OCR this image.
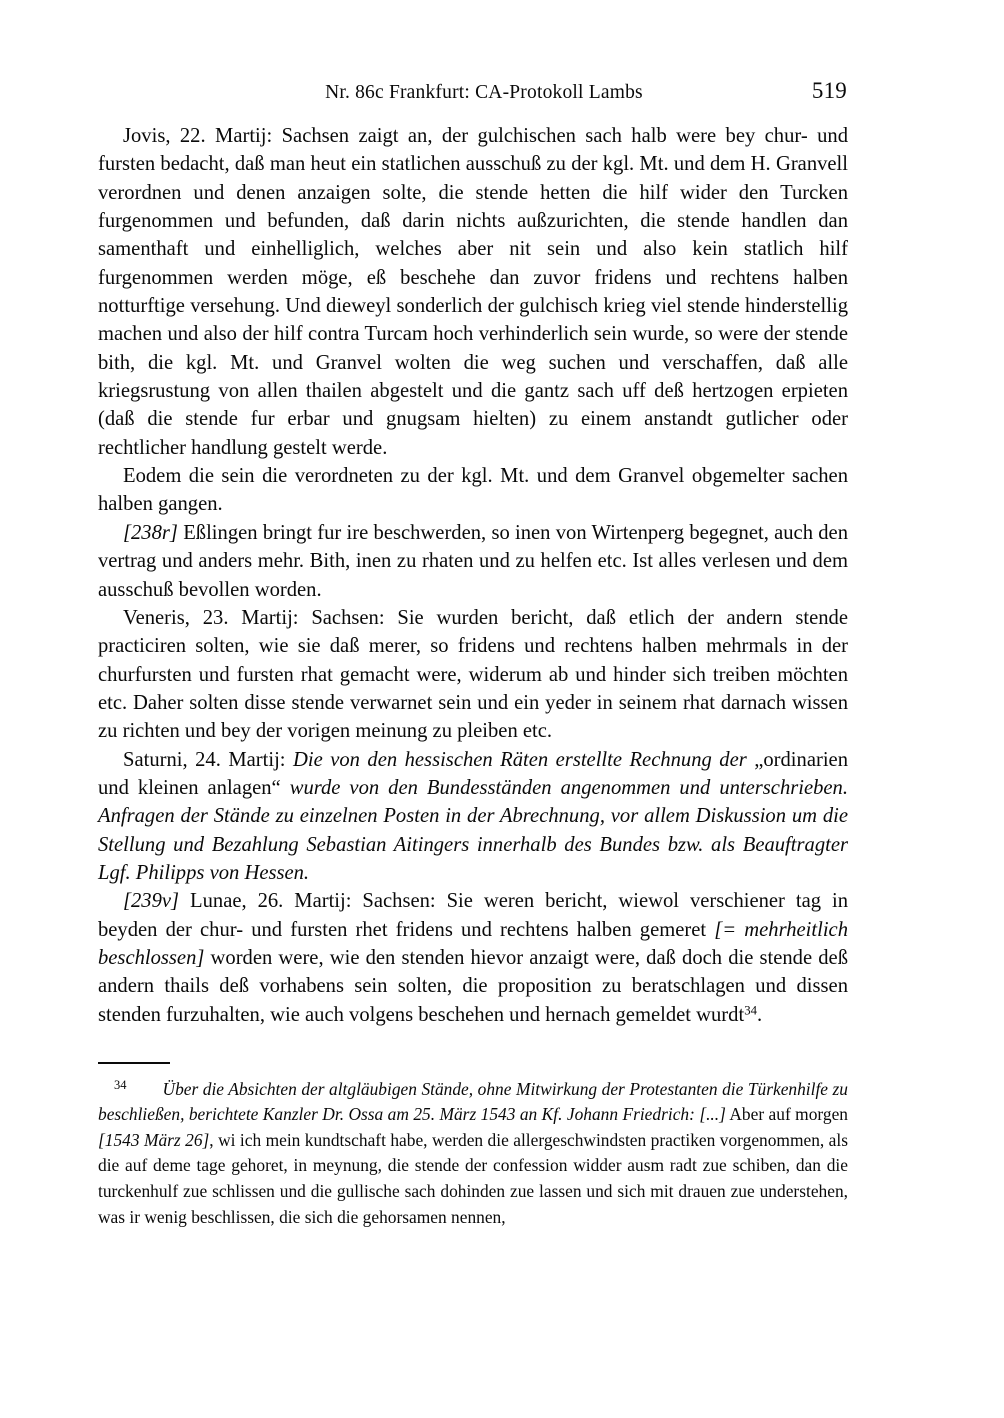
Nr. 86c Frankfurt: CA-Protokoll Lambs	519

Jovis, 22. Martij: Sachsen zaigt an, der gulchischen sach halb were bey chur- und fursten bedacht, daß man heut ein statlichen ausschuß zu der kgl. Mt. und dem H. Granvell verordnen und denen anzaigen solte, die stende hetten die hilf wider den Turcken furgenommen und befunden, daß darin nichts außzurichten, die stende handlen dan samenthaft und einhelliglich, welches aber nit sein und also kein statlich hilf furgenommen werden möge, eß beschehe dan zuvor fridens und rechtens halben notturftige versehung. Und dieweyl sonderlich der gulchisch krieg viel stende hinderstellig machen und also der hilf contra Turcam hoch verhinderlich sein wurde, so were der stende bith, die kgl. Mt. und Granvel wolten die weg suchen und verschaffen, daß alle kriegsrustung von allen thailen abgestelt und die gantz sach uff deß hertzogen erpieten (daß die stende fur erbar und gnugsam hielten) zu einem anstandt gutlicher oder rechtlicher handlung gestelt werde.

Eodem die sein die verordneten zu der kgl. Mt. und dem Granvel obgemelter sachen halben gangen.

[238r] Eßlingen bringt fur ire beschwerden, so inen von Wirtenperg begegnet, auch den vertrag und anders mehr. Bith, inen zu rhaten und zu helfen etc. Ist alles verlesen und dem ausschuß bevollen worden.

Veneris, 23. Martij: Sachsen: Sie wurden bericht, daß etlich der andern stende practiciren solten, wie sie daß merer, so fridens und rechtens halben mehrmals in der churfursten und fursten rhat gemacht were, widerum ab und hinder sich treiben möchten etc. Daher solten disse stende verwarnet sein und ein yeder in seinem rhat darnach wissen zu richten und bey der vorigen meinung zu pleiben etc.

Saturni, 24. Martij: Die von den hessischen Räten erstellte Rechnung der „ordinarien und kleinen anlagen“ wurde von den Bundesständen angenommen und unterschrieben. Anfragen der Stände zu einzelnen Posten in der Abrechnung, vor allem Diskussion um die Stellung und Bezahlung Sebastian Aitingers innerhalb des Bundes bzw. als Beauftragter Lgf. Philipps von Hessen.

[239v] Lunae, 26. Martij: Sachsen: Sie weren bericht, wiewol verschiener tag in beyden der chur- und fursten rhet fridens und rechtens halben gemeret [= mehrheitlich beschlossen] worden were, wie den stenden hievor anzaigt were, daß doch die stende deß andern thails deß vorhabens sein solten, die proposition zu beratschlagen und dissen stenden furzuhalten, wie auch volgens beschehen und hernach gemeldet wurdt$^{34}$.

$^{34}$ Über die Absichten der altgläubigen Stände, ohne Mitwirkung der Protestanten die Türkenhilfe zu beschließen, berichtete Kanzler Dr. Ossa am 25. März 1543 an Kf. Johann Friedrich: [...] Aber auf morgen [1543 März 26], wi ich mein kundtschaft habe, werden die allergeschwindsten practiken vorgenommen, als die auf deme tage gehoret, in meynung, die stende der confession widder ausm radt zue schiben, dan die turckenhulf zue schlissen und die gullische sach dohinden zue lassen und sich mit drauen zue understehen, was ir wenig beschlissen, die sich die gehorsamen nennen,
